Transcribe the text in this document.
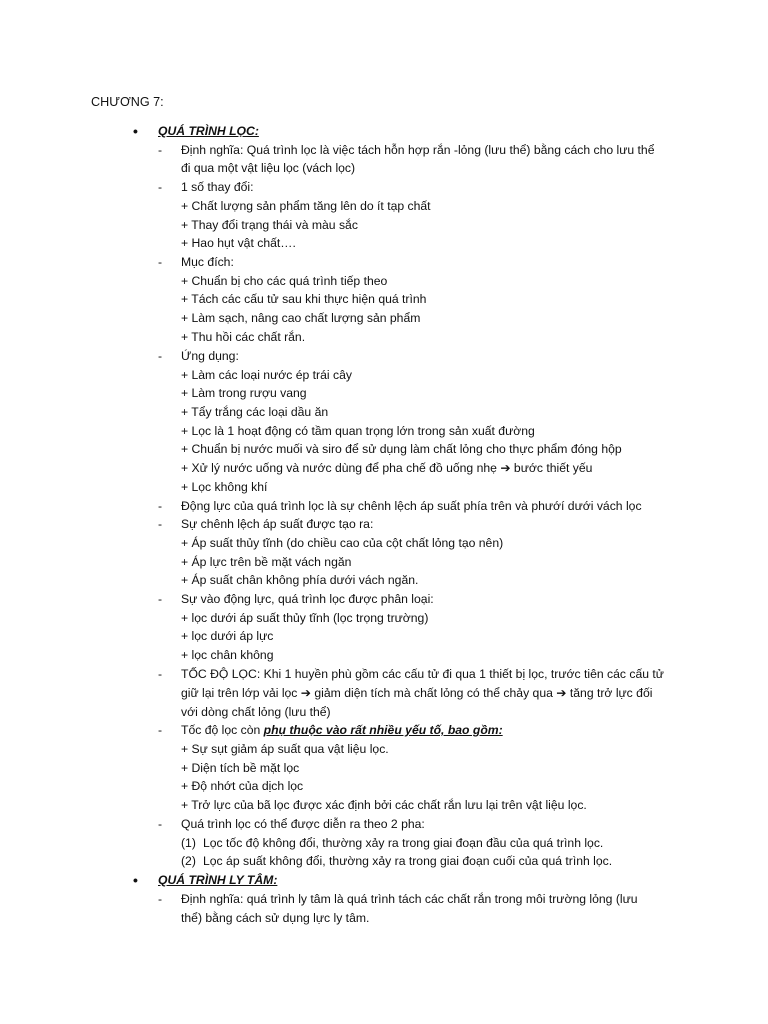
CHƯƠNG 7:
• QUÁ TRÌNH LỌC:
- Định nghĩa: Quá trình lọc là việc tách hỗn hợp rắn -lỏng (lưu thể) bằng cách cho lưu thể
đi qua một vật liệu lọc (vách lọc)
- 1 số thay đổi:
+ Chất lượng sản phẩm tăng lên do ít tạp chất
+ Thay đổi trạng thái và màu sắc
+ Hao hụt vật chất….
- Mục đích:
+ Chuẩn bị cho các quá trình tiếp theo
+ Tách các cấu tử sau khi thực hiện quá trình
+ Làm sạch, nâng cao chất lượng sản phẩm
+ Thu hồi các chất rắn.
- Ứng dụng:
+ Làm các loại nước ép trái cây
+ Làm trong rượu vang
+ Tẩy trắng các loại dầu ăn
+ Lọc là 1 hoạt động có tầm quan trọng lớn trong sản xuất đường
+ Chuẩn bị nước muối và siro để sử dụng làm chất lỏng cho thực phẩm đóng hộp
+ Xử lý nước uống và nước dùng để pha chế đồ uống nhẹ ➔ bước thiết yếu
+ Lọc không khí
- Động lực của quá trình lọc là sự chênh lệch áp suất phía trên và phướí dưới vách lọc
- Sự chênh lệch áp suất được tạo ra:
+ Áp suất thủy tĩnh (do chiều cao của cột chất lỏng tạo nên)
+ Áp lực trên bề mặt vách ngăn
+ Áp suất chân không phía dưới vách ngăn.
- Sự vào động lực, quá trình lọc được phân loại:
+ lọc dưới áp suất thủy tĩnh (lọc trọng trường)
+ lọc dưới áp lực
+ lọc chân không
- TỐC ĐỘ LỌC: Khi 1 huyền phù gồm các cấu tử đi qua 1 thiết bị lọc, trước tiên các cấu tử
giữ lại trên lớp vải lọc ➔ giảm diện tích mà chất lỏng có thể chảy qua ➔ tăng trở lực đối
với dòng chất lỏng (lưu thể)
- Tốc độ lọc còn phụ thuộc vào rất nhiều yếu tố, bao gồm:
+ Sự sụt giảm áp suất qua vật liệu lọc.
+ Diện tích bề mặt lọc
+ Độ nhớt của dịch lọc
+ Trở lực của bã lọc được xác định bởi các chất rắn lưu lại trên vật liệu lọc.
- Quá trình lọc có thể được diễn ra theo 2 pha:
(1) Lọc tốc độ không đổi, thường xảy ra trong giai đoạn đầu của quá trình lọc.
(2) Lọc áp suất không đổi, thường xảy ra trong giai đoạn cuối của quá trình lọc.
• QUÁ TRÌNH LY TÂM:
- Định nghĩa: quá trình ly tâm là quá trình tách các chất rắn trong môi trường lỏng (lưu
thể) bằng cách sử dụng lực ly tâm.
